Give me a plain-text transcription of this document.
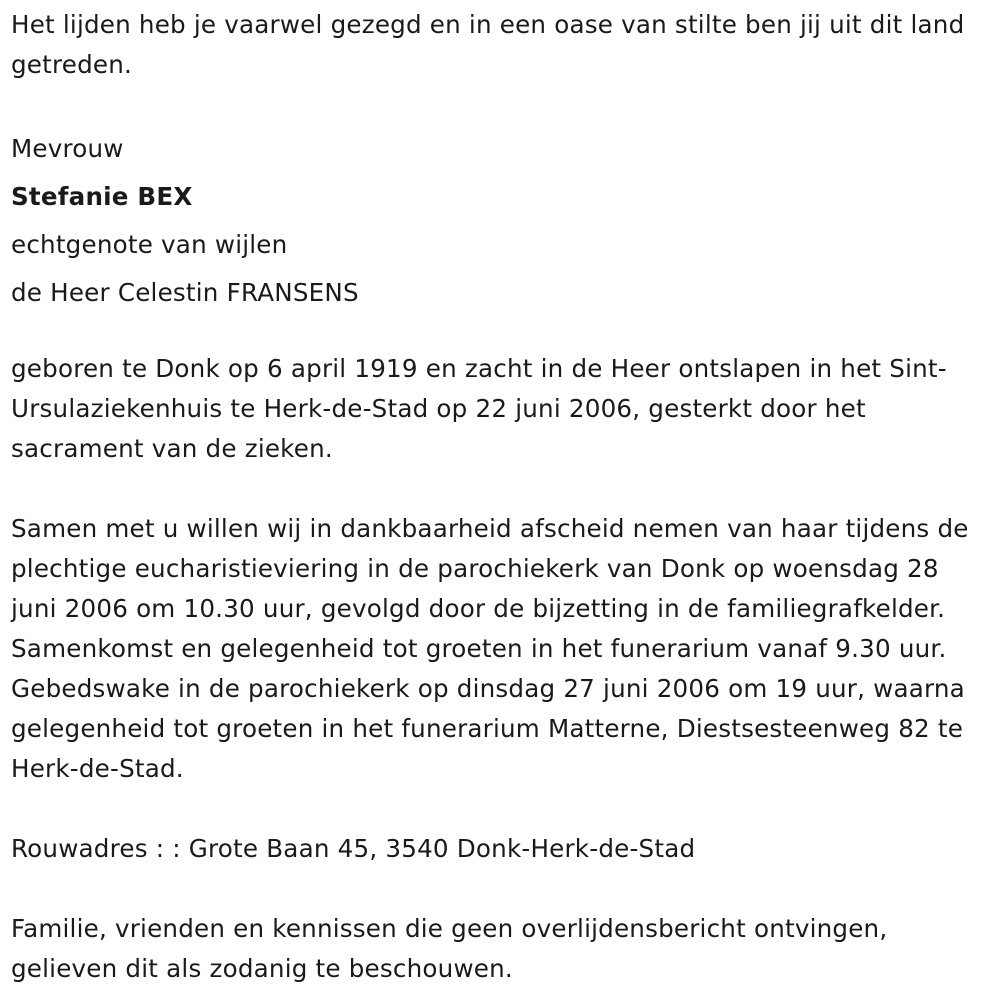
Het lijden heb je vaarwel gezegd en in een oase van stilte ben jij uit dit land getreden.

Mevrouw
Stefanie BEX
echtgenote van wijlen
de Heer Celestin FRANSENS

geboren te Donk op 6 april 1919 en zacht in de Heer ontslapen in het Sint-Ursulaziekenhuis te Herk-de-Stad op 22 juni 2006, gesterkt door het sacrament van de zieken.

Samen met u willen wij in dankbaarheid afscheid nemen van haar tijdens de plechtige eucharistieviering in de parochiekerk van Donk op woensdag 28 juni 2006 om 10.30 uur, gevolgd door de bijzetting in de familiegrafkelder. Samenkomst en gelegenheid tot groeten in het funerarium vanaf 9.30 uur. Gebedswake in de parochiekerk op dinsdag 27 juni 2006 om 19 uur, waarna gelegenheid tot groeten in het funerarium Matterne, Diestsesteenweg 82 te Herk-de-Stad.

Rouwadres : : Grote Baan 45, 3540 Donk-Herk-de-Stad

Familie, vrienden en kennissen die geen overlijdensbericht ontvingen, gelieven dit als zodanig te beschouwen.
